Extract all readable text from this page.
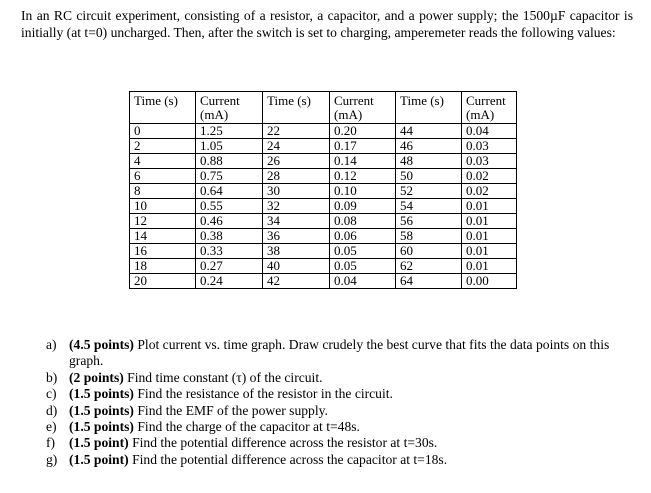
In an RC circuit experiment, consisting of a resistor, a capacitor, and a power supply; the 1500µF capacitor is initially (at t=0) uncharged. Then, after the switch is set to charging, amperemeter reads the following values:

Time (s)	Current (mA)	Time (s)	Current (mA)	Time (s)	Current (mA)
0	1.25	22	0.20	44	0.04
2	1.05	24	0.17	46	0.03
4	0.88	26	0.14	48	0.03
6	0.75	28	0.12	50	0.02
8	0.64	30	0.10	52	0.02
10	0.55	32	0.09	54	0.01
12	0.46	34	0.08	56	0.01
14	0.38	36	0.06	58	0.01
16	0.33	38	0.05	60	0.01
18	0.27	40	0.05	62	0.01
20	0.24	42	0.04	64	0.00
a) (4.5 points) Plot current vs. time graph. Draw crudely the best curve that fits the data points on this graph.
b) (2 points) Find time constant (τ) of the circuit.
c) (1.5 points) Find the resistance of the resistor in the circuit.
d) (1.5 points) Find the EMF of the power supply.
e) (1.5 points) Find the charge of the capacitor at t=48s.
f) (1.5 point) Find the potential difference across the resistor at t=30s.
g) (1.5 point) Find the potential difference across the capacitor at t=18s.
